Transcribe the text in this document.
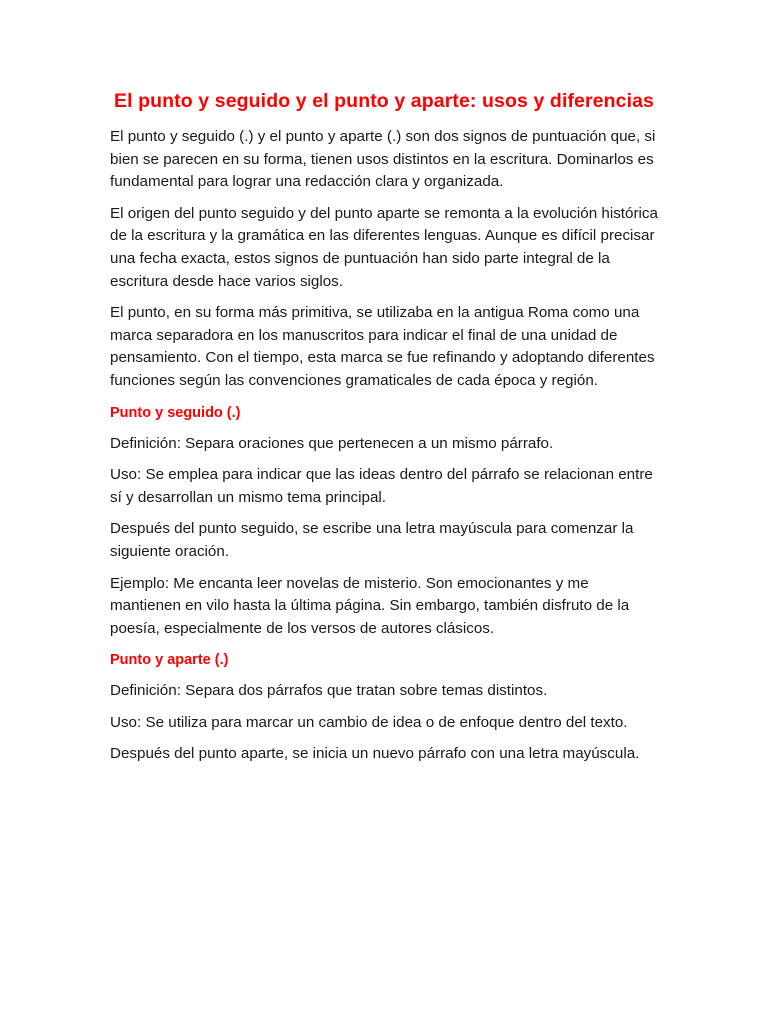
El punto y seguido y el punto y aparte: usos y diferencias

El punto y seguido (.) y el punto y aparte (.) son dos signos de puntuación que, si bien se parecen en su forma, tienen usos distintos en la escritura. Dominarlos es fundamental para lograr una redacción clara y organizada.

El origen del punto seguido y del punto aparte se remonta a la evolución histórica de la escritura y la gramática en las diferentes lenguas. Aunque es difícil precisar una fecha exacta, estos signos de puntuación han sido parte integral de la escritura desde hace varios siglos.

El punto, en su forma más primitiva, se utilizaba en la antigua Roma como una marca separadora en los manuscritos para indicar el final de una unidad de pensamiento. Con el tiempo, esta marca se fue refinando y adoptando diferentes funciones según las convenciones gramaticales de cada época y región.

Punto y seguido (.)

Definición: Separa oraciones que pertenecen a un mismo párrafo.

Uso: Se emplea para indicar que las ideas dentro del párrafo se relacionan entre sí y desarrollan un mismo tema principal.

Después del punto seguido, se escribe una letra mayúscula para comenzar la siguiente oración.

Ejemplo: Me encanta leer novelas de misterio. Son emocionantes y me mantienen en vilo hasta la última página. Sin embargo, también disfruto de la poesía, especialmente de los versos de autores clásicos.

Punto y aparte (.)

Definición: Separa dos párrafos que tratan sobre temas distintos.

Uso: Se utiliza para marcar un cambio de idea o de enfoque dentro del texto.

Después del punto aparte, se inicia un nuevo párrafo con una letra mayúscula.
